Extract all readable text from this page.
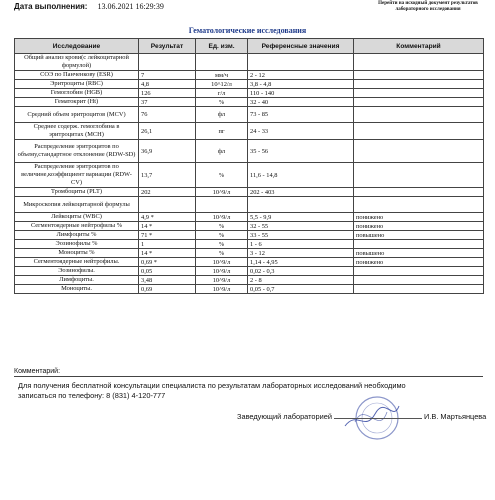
Дата выполнения: 13.06.2021 16:29:39	Перейти на исходный документ результатов лабораторного исследования
Гематологические исследования
Исследование	Результат	Ед. изм.	Референсные значения	Комментарий
Общий анализ крови(с лейкоцитарной формулой)				
СОЭ по Панченкову (ESR)	7	мм/ч	2 - 12	
Эритроциты (RBC)	4,8	10^12/л	3,8 - 4,8	
Гемоглобин (HGB)	126	г/л	110 - 140	
Гематокрит (Ht)	37	%	32 - 40	
Средний объем эритроцитов (MCV)	76	фл	73 - 85	
Среднее содерж. гемоглобина в эритроцитах (MCH)	26,1	пг	24 - 33	
Распределение эритроцитов по объему,стандартное отклонение (RDW-SD)	36,9	фл	35 - 56	
Распределение эритроцитов по величине,коэффициент вариации (RDW-CV)	13,7	%	11,6 - 14,8	
Тромбоциты (PLT)	202	10^9/л	202 - 403	
Микроскопия лейкоцитарной формулы				
Лейкоциты (WBC)	4,9 *	10^9/л	5,5 - 9,9	понижено
Сегментоядерные нейтрофилы %	14 *	%	32 - 55	понижено
Лимфоциты %	71 *	%	33 - 55	повышено
Эозинофилы %	1	%	1 - 6	
Моноциты %	14 *	%	3 - 12	повышено
Сегментоядерные нейтрофилы.	0,69 *	10^9/л	1,14 - 4,95	понижено
Эозинофилы.	0,05	10^9/л	0,02 - 0,3	
Лимфоциты.	3,48	10^9/л	2 - 8	
Моноциты.	0,69	10^9/л	0,05 - 0,7	
Комментарий:
Для получения бесплатной консультации специалиста по результатам лабораторных исследований необходимо записаться по телефону: 8 (831) 4-120-777
Заведующий лабораторией	И.В. Мартьянцева
